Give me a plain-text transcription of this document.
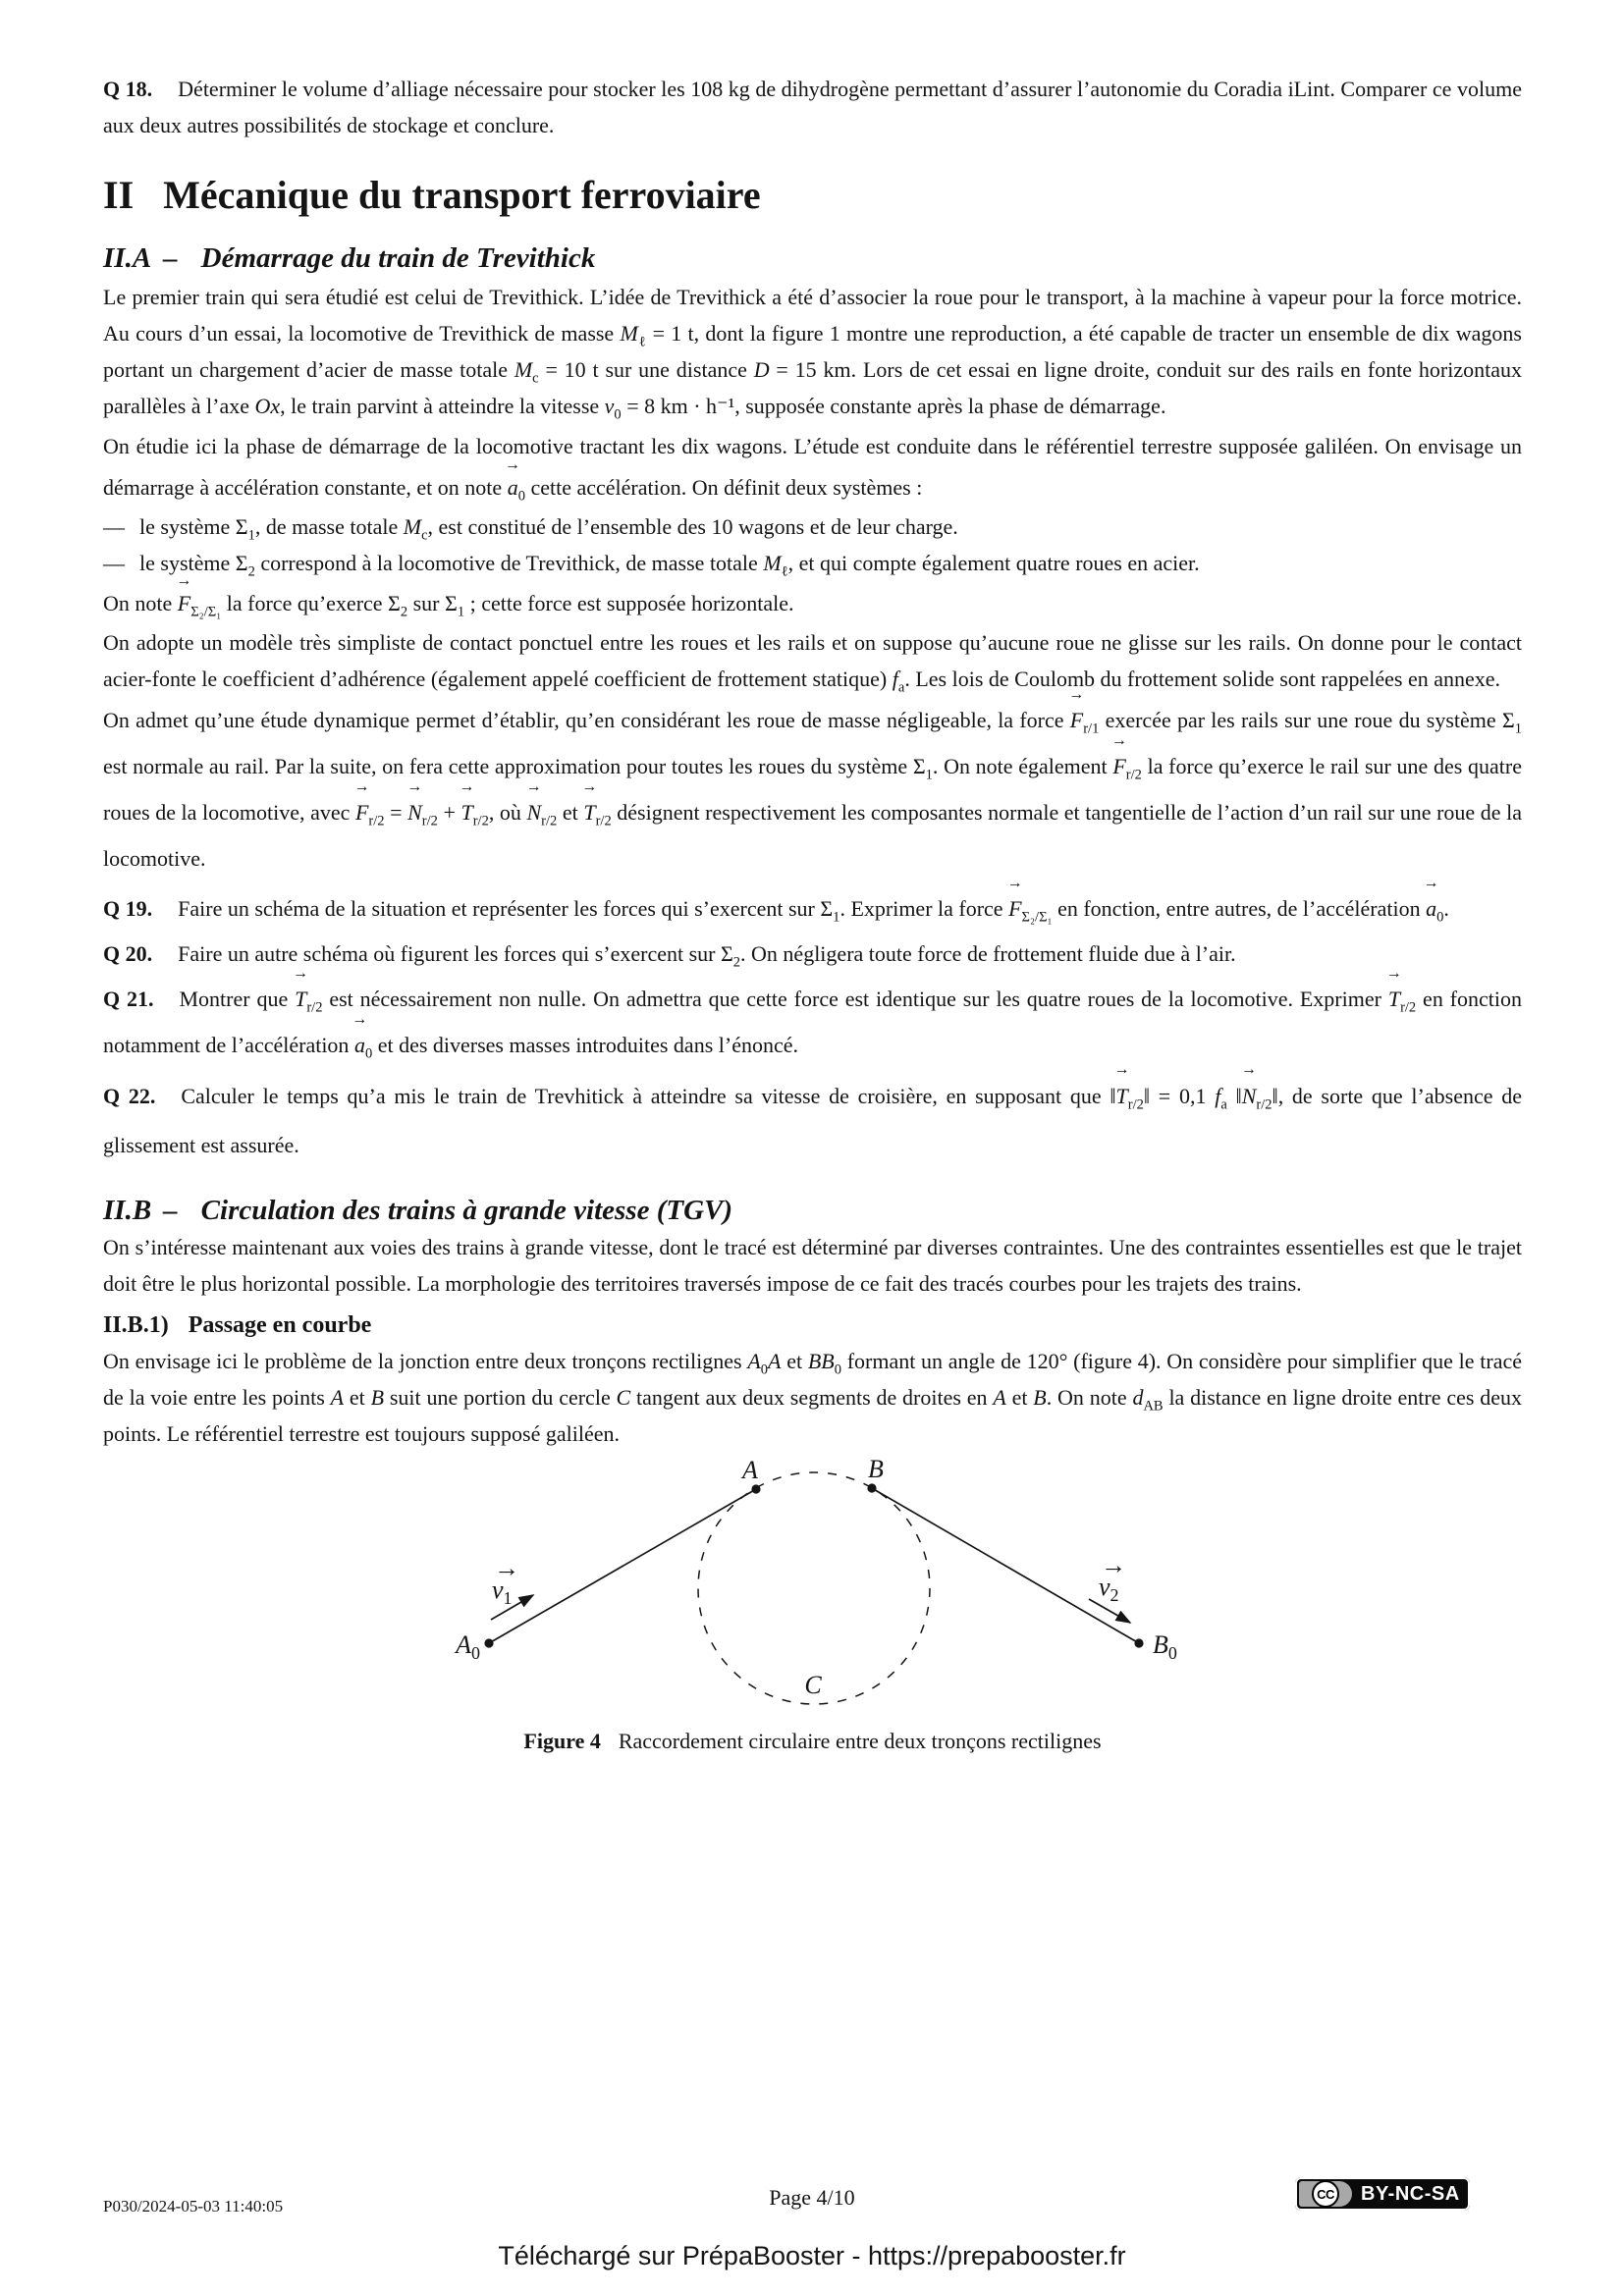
Q 18. Déterminer le volume d’alliage nécessaire pour stocker les 108 kg de dihydrogène permettant d’assurer l’autonomie du Coradia iLint. Comparer ce volume aux deux autres possibilités de stockage et conclure.

II Mécanique du transport ferroviaire
II.A – Démarrage du train de Trevithick

Le premier train qui sera étudié est celui de Trevithick. L’idée de Trevithick a été d’associer la roue pour le transport, à la machine à vapeur pour la force motrice. Au cours d’un essai, la locomotive de Trevithick de masse $M_\ell = 1$ t, dont la figure 1 montre une reproduction, a été capable de tracter un ensemble de dix wagons portant un chargement d’acier de masse totale $M_c = 10$ t sur une distance D = 15 km. Lors de cet essai en ligne droite, conduit sur des rails en fonte horizontaux parallèles à l’axe Ox, le train parvint à atteindre la vitesse $v_0 = 8$ km · h⁻¹, supposée constante après la phase de démarrage.

On étudie ici la phase de démarrage de la locomotive tractant les dix wagons. L’étude est conduite dans le référentiel terrestre supposée galiléen. On envisage un démarrage à accélération constante, et on note
→
$a_0$ cette accélération. On définit deux systèmes :

— le système $\Sigma_1$, de masse totale $M_c$, est constitué de l’ensemble des 10 wagons et de leur charge.
— le système $\Sigma_2$ correspond à la locomotive de Trevithick, de masse totale $M_\ell$, et qui compte également quatre roues en acier.

On note
→
$F_{\Sigma_2/\Sigma_1}$ la force qu’exerce $\Sigma_2$ sur $\Sigma_1$ ; cette force est supposée horizontale.

On adopte un modèle très simpliste de contact ponctuel entre les roues et les rails et on suppose qu’aucune roue ne glisse sur les rails. On donne pour le contact acier-fonte le coefficient d’adhérence (également appelé coefficient de frottement statique) $f_a$. Les lois de Coulomb du frottement solide sont rappelées en annexe.

On admet qu’une étude dynamique permet d’établir, qu’en considérant les roue de masse négligeable, la force
→
$F_{r/1}$ exercée par les rails sur une roue du système $\Sigma_1$ est normale au rail. Par la suite, on fera cette approximation pour toutes les roues du système $\Sigma_1$. On note également
→
$F_{r/2}$ la force qu’exerce le rail sur une des quatre roues de la locomotive, avec
→
$F_{r/2}$ =
→
$N_{r/2}$ +
→
$T_{r/2}$, où
→
$N_{r/2}$ et
→
$T_{r/2}$ désignent respectivement les composantes normale et tangentielle de l’action d’un rail sur une roue de la locomotive.

Q 19. Faire un schéma de la situation et représenter les forces qui s’exercent sur $\Sigma_1$. Exprimer la force
→
$F_{\Sigma_2/\Sigma_1}$ en fonction, entre autres, de l’accélération
→
$a_0$.

Q 20. Faire un autre schéma où figurent les forces qui s’exercent sur $\Sigma_2$. On négligera toute force de frottement fluide due à l’air.

Q 21. Montrer que
→
$T_{r/2}$ est nécessairement non nulle. On admettra que cette force est identique sur les quatre roues de la locomotive. Exprimer
→
$T_{r/2}$ en fonction notamment de l’accélération
→
$a_0$ et des diverses masses introduites dans l’énoncé.

Q 22. Calculer le temps qu’a mis le train de Trevhitick à atteindre sa vitesse de croisière, en supposant que ‖
→
$T_{r/2}‖ = 0,1$ $f_a$ ‖
→
$N_{r/2}‖$, de sorte que l’absence de glissement est assurée.

II.B – Circulation des trains à grande vitesse (TGV)

On s’intéresse maintenant aux voies des trains à grande vitesse, dont le tracé est déterminé par diverses contraintes. Une des contraintes essentielles est que le trajet doit être le plus horizontal possible. La morphologie des territoires traversés impose de ce fait des tracés courbes pour les trajets des trains.

II.B.1) Passage en courbe

On envisage ici le problème de la jonction entre deux tronçons rectilignes $A_0A$ et $BB_0$ formant un angle de 120° (figure 4). On considère pour simplifier que le tracé de la voie entre les points A et B suit une portion du cercle C tangent aux deux segments de droites en A et B. On note $d_{AB}$ la distance en ligne droite entre ces deux points. Le référentiel terrestre est toujours supposé galiléen.

A	B
$A_0$	$B_0$
→
$v_1$
→
$v_2$
C
Figure 4 Raccordement circulaire entre deux tronçons rectilignes
P030/2024-05-03 11:40:05	Page 4/10	CC BY-NC-SA
Téléchargé sur PrépaBooster - https://prepabooster.fr
